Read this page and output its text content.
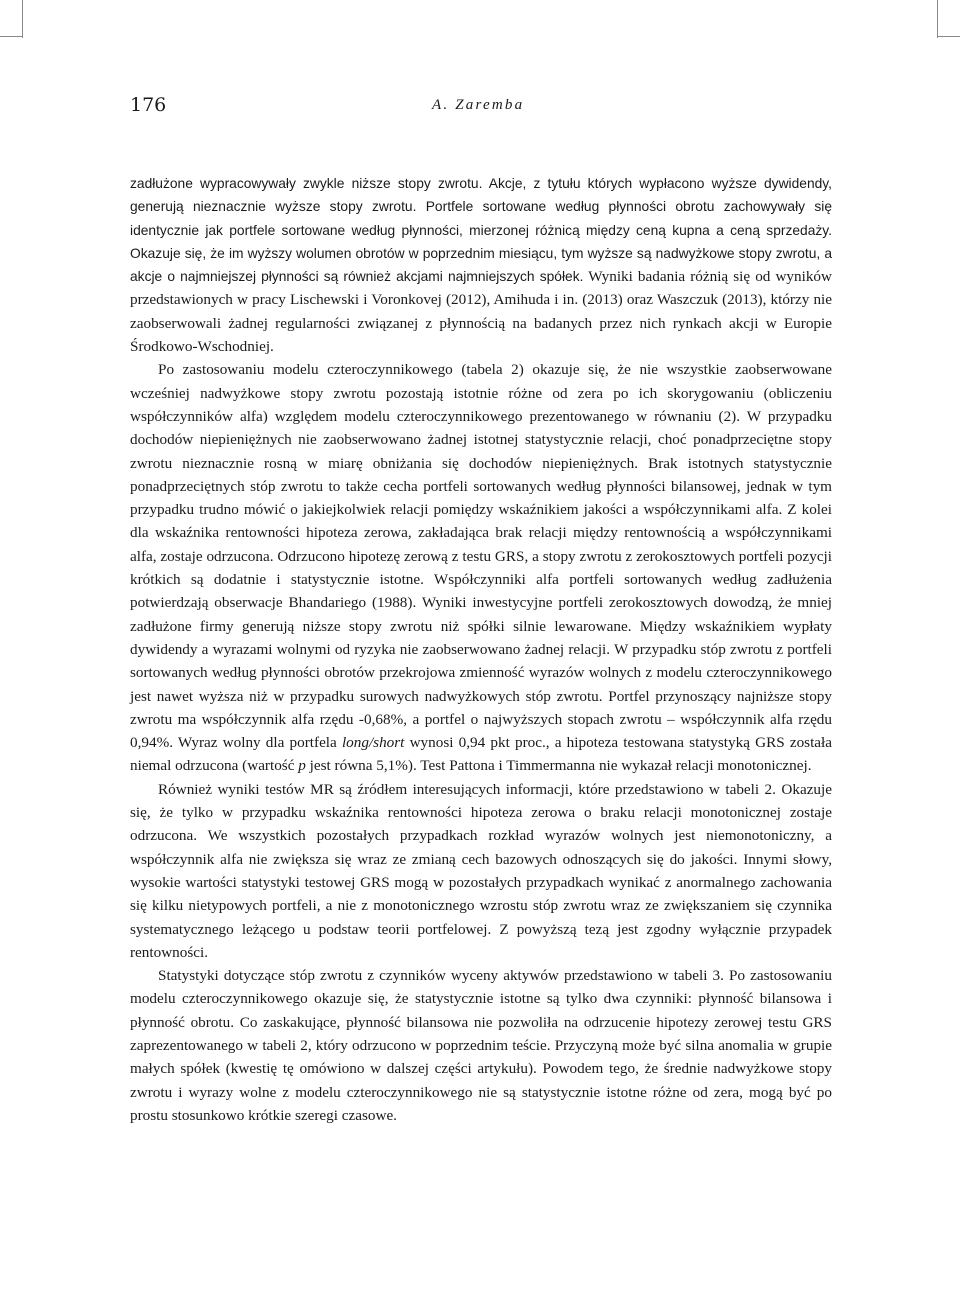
176	A. Zaremba

zadłużone wypracowywały zwykle niższe stopy zwrotu. Akcje, z tytułu których wypłacono wyższe dywidendy, generują nieznacznie wyższe stopy zwrotu. Portfele sortowane według płynności obrotu zachowywały się identycznie jak portfele sortowane według płynności, mierzonej różnicą między ceną kupna a ceną sprzedaży. Okazuje się, że im wyższy wolumen obrotów w poprzednim miesiącu, tym wyższe są nadwyżkowe stopy zwrotu, a akcje o najmniejszej płynności są również akcjami najmniejszych spółek. Wyniki badania różnią się od wyników przedstawionych w pracy Lischewski i Voronkovej (2012), Amihuda i in. (2013) oraz Waszczuk (2013), którzy nie zaobserwowali żadnej regularności związanej z płynnością na badanych przez nich rynkach akcji w Europie Środkowo-Wschodniej.

Po zastosowaniu modelu czteroczynnikowego (tabela 2) okazuje się, że nie wszystkie zaobserwowane wcześniej nadwyżkowe stopy zwrotu pozostają istotnie różne od zera po ich skorygowaniu (obliczeniu współczynników alfa) względem modelu czteroczynnikowego prezentowanego w równaniu (2). W przypadku dochodów niepieniężnych nie zaobserwowano żadnej istotnej statystycznie relacji, choć ponadprzeciętne stopy zwrotu nieznacznie rosną w miarę obniżania się dochodów niepieniężnych. Brak istotnych statystycznie ponadprzeciętnych stóp zwrotu to także cecha portfeli sortowanych według płynności bilansowej, jednak w tym przypadku trudno mówić o jakiejkolwiek relacji pomiędzy wskaźnikiem jakości a współczynnikami alfa. Z kolei dla wskaźnika rentowności hipoteza zerowa, zakładająca brak relacji między rentownością a współczynnikami alfa, zostaje odrzucona. Odrzucono hipotezę zerową z testu GRS, a stopy zwrotu z zerokosztowych portfeli pozycji krótkich są dodatnie i statystycznie istotne. Współczynniki alfa portfeli sortowanych według zadłużenia potwierdzają obserwacje Bhandariego (1988). Wyniki inwestycyjne portfeli zerokosztowych dowodzą, że mniej zadłużone firmy generują niższe stopy zwrotu niż spółki silnie lewarowane. Między wskaźnikiem wypłaty dywidendy a wyrazami wolnymi od ryzyka nie zaobserwowano żadnej relacji. W przypadku stóp zwrotu z portfeli sortowanych według płynności obrotów przekrojowa zmienność wyrazów wolnych z modelu czteroczynnikowego jest nawet wyższa niż w przypadku surowych nadwyżkowych stóp zwrotu. Portfel przynoszący najniższe stopy zwrotu ma współczynnik alfa rzędu -0,68%, a portfel o najwyższych stopach zwrotu – współczynnik alfa rzędu 0,94%. Wyraz wolny dla portfela long/short wynosi 0,94 pkt proc., a hipoteza testowana statystyką GRS została niemal odrzucona (wartość p jest równa 5,1%). Test Pattona i Timmermanna nie wykazał relacji monotonicznej.

Również wyniki testów MR są źródłem interesujących informacji, które przedstawiono w tabeli 2. Okazuje się, że tylko w przypadku wskaźnika rentowności hipoteza zerowa o braku relacji monotonicznej zostaje odrzucona. We wszystkich pozostałych przypadkach rozkład wyrazów wolnych jest niemonotoniczny, a współczynnik alfa nie zwiększa się wraz ze zmianą cech bazowych odnoszących się do jakości. Innymi słowy, wysokie wartości statystyki testowej GRS mogą w pozostałych przypadkach wynikać z anormalnego zachowania się kilku nietypowych portfeli, a nie z monotonicznego wzrostu stóp zwrotu wraz ze zwiększaniem się czynnika systematycznego leżącego u podstaw teorii portfelowej. Z powyższą tezą jest zgodny wyłącznie przypadek rentowności.

Statystyki dotyczące stóp zwrotu z czynników wyceny aktywów przedstawiono w tabeli 3. Po zastosowaniu modelu czteroczynnikowego okazuje się, że statystycznie istotne są tylko dwa czynniki: płynność bilansowa i płynność obrotu. Co zaskakujące, płynność bilansowa nie pozwoliła na odrzucenie hipotezy zerowej testu GRS zaprezentowanego w tabeli 2, który odrzucono w poprzednim teście. Przyczyną może być silna anomalia w grupie małych spółek (kwestię tę omówiono w dalszej części artykułu). Powodem tego, że średnie nadwyżkowe stopy zwrotu i wyrazy wolne z modelu czteroczynnikowego nie są statystycznie istotne różne od zera, mogą być po prostu stosunkowo krótkie szeregi czasowe.
